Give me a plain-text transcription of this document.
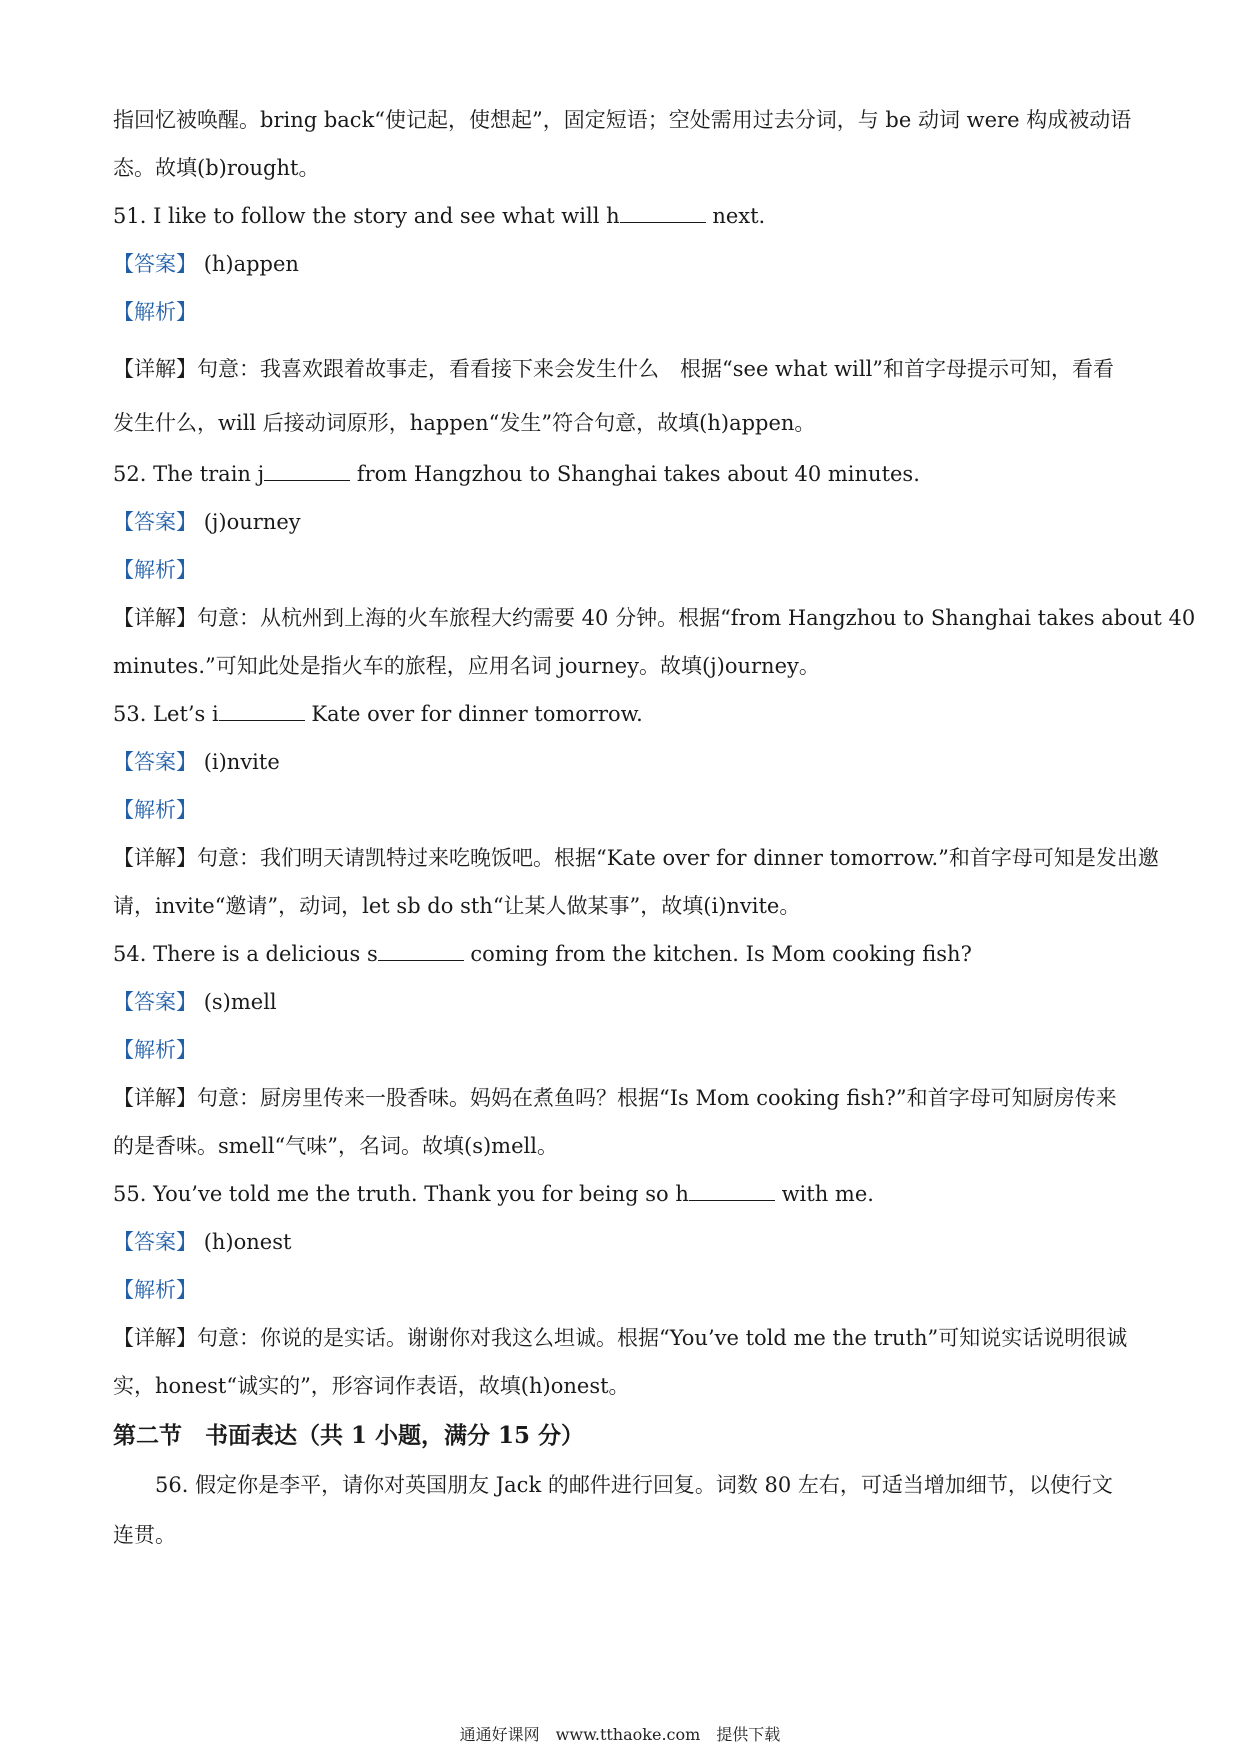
指回忆被唤醒。bring back“使记起，使想起”，固定短语；空处需用过去分词，与 be 动词 were 构成被动语

态。故填(b)rought。

51. I like to follow the story and see what will h	next.

【答案】 (h)appen

【解析】

【详解】句意：我喜欢跟着故事走，看看接下来会发生什么　根据“see what will”和首字母提示可知，看看

发生什么，will 后接动词原形，happen“发生”符合句意，故填(h)appen。

52. The train j	from Hangzhou to Shanghai takes about 40 minutes.

【答案】 (j)ourney

【解析】

【详解】句意：从杭州到上海的火车旅程大约需要 40 分钟。根据“from Hangzhou to Shanghai takes about 40

minutes.”可知此处是指火车的旅程，应用名词 journey。故填(j)ourney。

53. Let’s i	Kate over for dinner tomorrow.

【答案】 (i)nvite

【解析】

【详解】句意：我们明天请凯特过来吃晚饭吧。根据“Kate over for dinner tomorrow.”和首字母可知是发出邀

请，invite“邀请”，动词，let sb do sth“让某人做某事”，故填(i)nvite。

54. There is a delicious s	coming from the kitchen. Is Mom cooking fish?

【答案】 (s)mell

【解析】

【详解】句意：厨房里传来一股香味。妈妈在煮鱼吗？根据“Is Mom cooking fish?”和首字母可知厨房传来

的是香味。smell“气味”，名词。故填(s)mell。

55. You’ve told me the truth. Thank you for being so h	with me.

【答案】 (h)onest

【解析】

【详解】句意：你说的是实话。谢谢你对我这么坦诚。根据“You’ve told me the truth”可知说实话说明很诚

实，honest“诚实的”，形容词作表语，故填(h)onest。

第二节　书面表达（共 1 小题，满分 15 分）

56. 假定你是李平，请你对英国朋友 Jack 的邮件进行回复。词数 80 左右，可适当增加细节，以使行文

连贯。

通通好课网　www.tthaoke.com　提供下载
